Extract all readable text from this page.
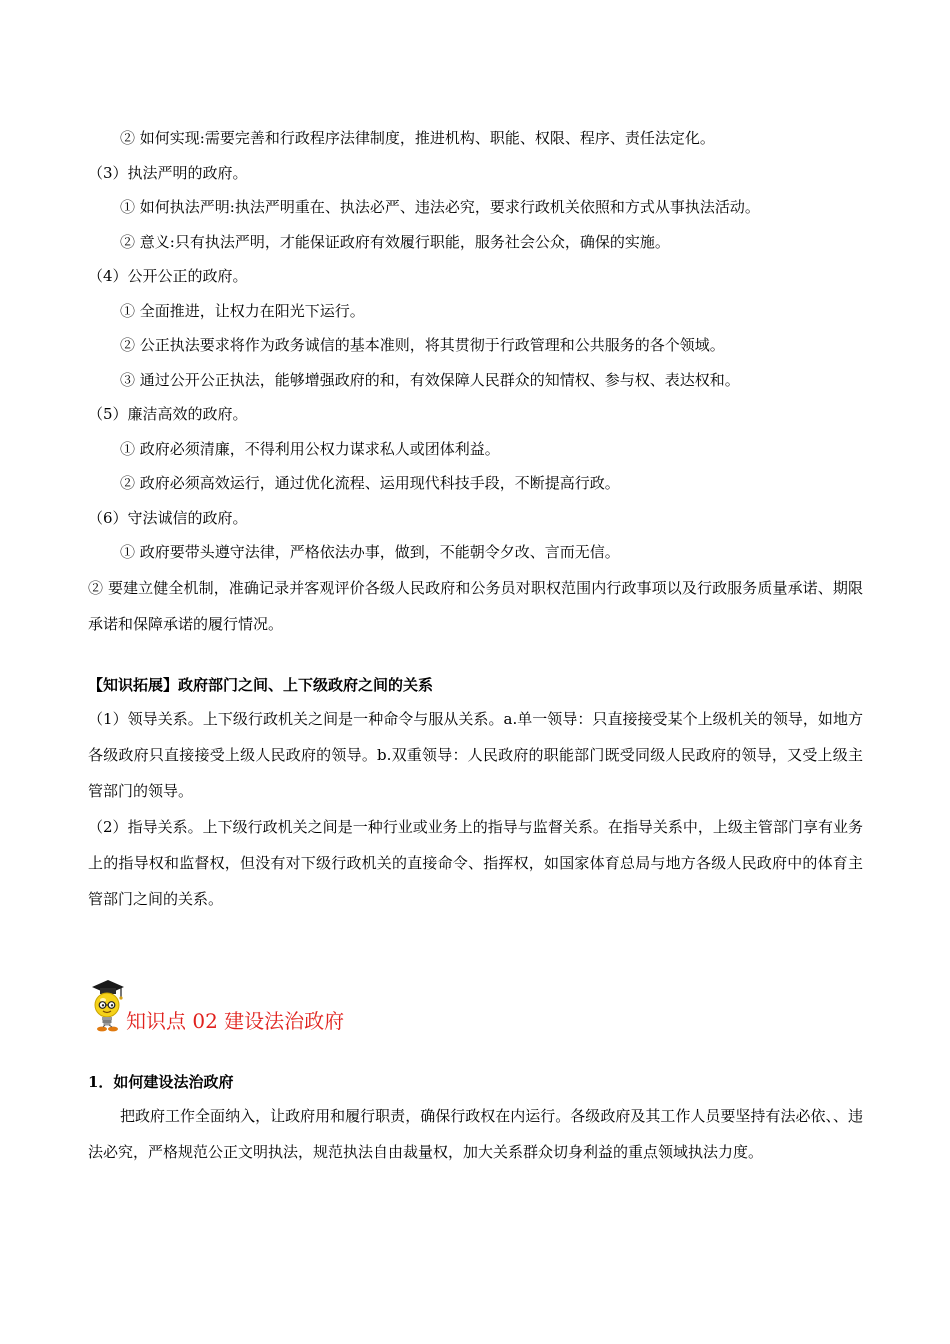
② 如何实现:需要完善和行政程序法律制度，推进机构、职能、权限、程序、责任法定化。
（3）执法严明的政府。
① 如何执法严明:执法严明重在、执法必严、违法必究，要求行政机关依照和方式从事执法活动。
② 意义:只有执法严明，才能保证政府有效履行职能，服务社会公众，确保的实施。
（4）公开公正的政府。
① 全面推进，让权力在阳光下运行。
② 公正执法要求将作为政务诚信的基本准则，将其贯彻于行政管理和公共服务的各个领域。
③ 通过公开公正执法，能够增强政府的和，有效保障人民群众的知情权、参与权、表达权和。
（5）廉洁高效的政府。
① 政府必须清廉，不得利用公权力谋求私人或团体利益。
② 政府必须高效运行，通过优化流程、运用现代科技手段，不断提高行政。
（6）守法诚信的政府。
① 政府要带头遵守法律，严格依法办事，做到，不能朝令夕改、言而无信。
② 要建立健全机制，准确记录并客观评价各级人民政府和公务员对职权范围内行政事项以及行政服务质量承诺、期限承诺和保障承诺的履行情况。
【知识拓展】政府部门之间、上下级政府之间的关系
（1）领导关系。上下级行政机关之间是一种命令与服从关系。a.单一领导：只直接接受某个上级机关的领导，如地方各级政府只直接接受上级人民政府的领导。b.双重领导：人民政府的职能部门既受同级人民政府的领导，又受上级主管部门的领导。
（2）指导关系。上下级行政机关之间是一种行业或业务上的指导与监督关系。在指导关系中，上级主管部门享有业务上的指导权和监督权，但没有对下级行政机关的直接命令、指挥权，如国家体育总局与地方各级人民政府中的体育主管部门之间的关系。
知识点 02 建设法治政府
1．如何建设法治政府
把政府工作全面纳入，让政府用和履行职责，确保行政权在内运行。各级政府及其工作人员要坚持有法必依、、违法必究，严格规范公正文明执法，规范执法自由裁量权，加大关系群众切身利益的重点领域执法力度。
